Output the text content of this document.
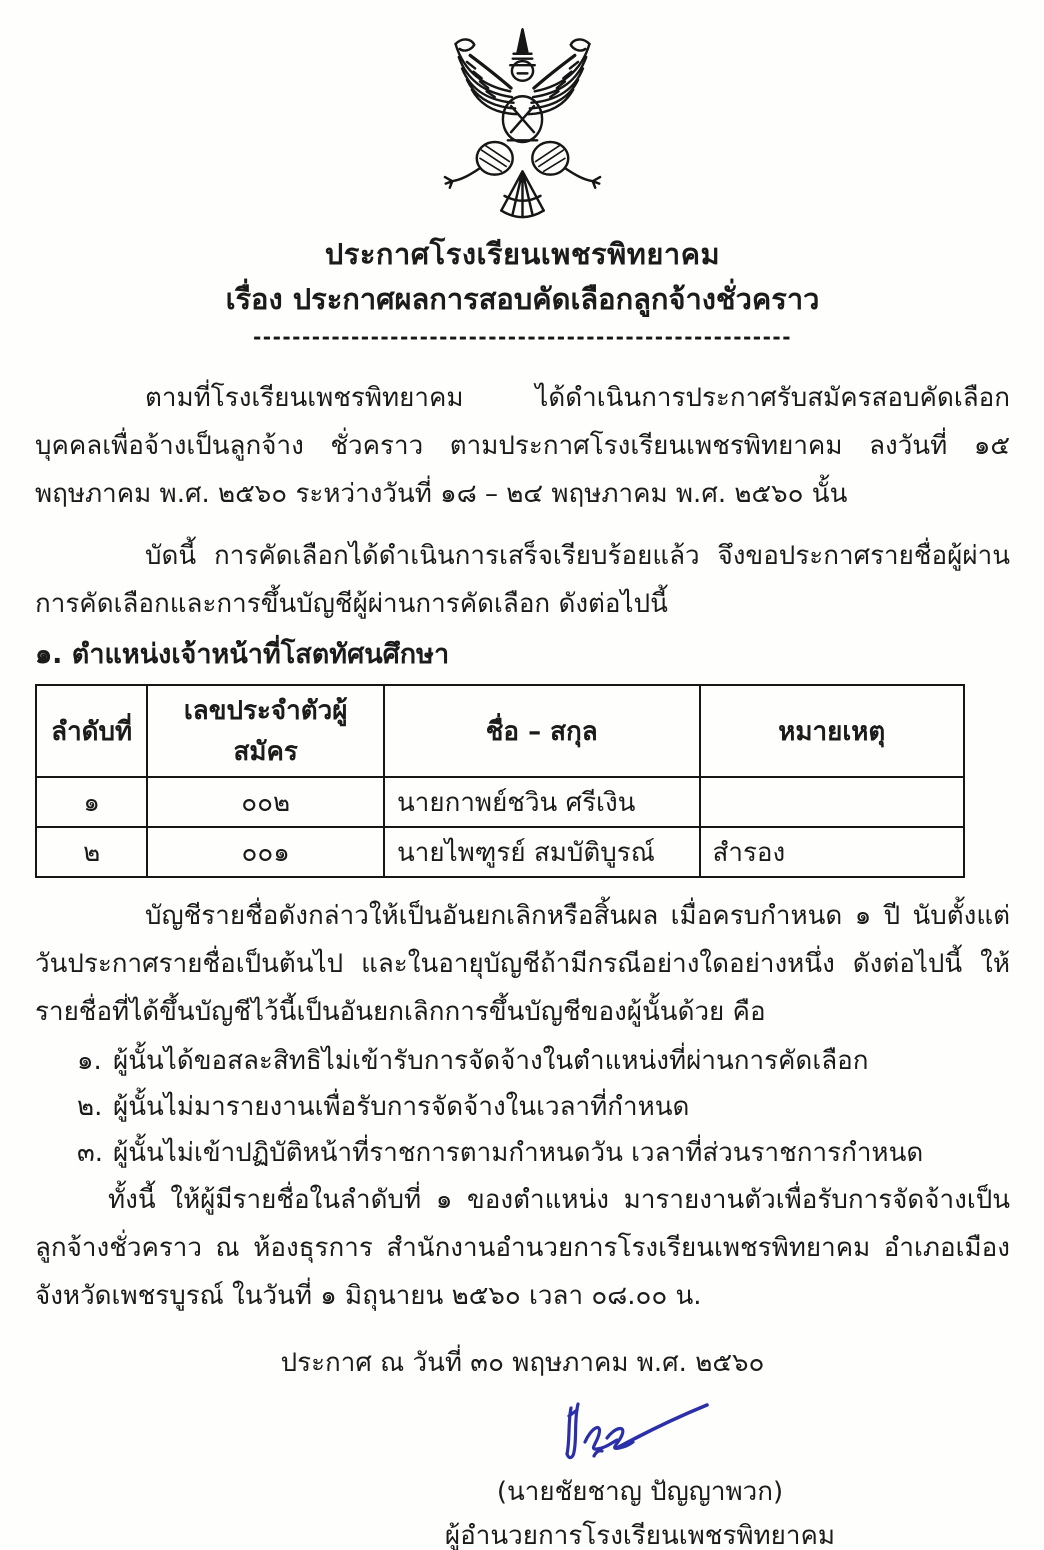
ประกาศโรงเรียนเพชรพิทยาคม
เรื่อง ประกาศผลการสอบคัดเลือกลูกจ้างชั่วคราว
-------------------------------------------------------

ตามที่โรงเรียนเพชรพิทยาคม ได้ดำเนินการประกาศรับสมัครสอบคัดเลือกบุคคลเพื่อจ้างเป็นลูกจ้าง ชั่วคราว ตามประกาศโรงเรียนเพชรพิทยาคม ลงวันที่ ๑๕ พฤษภาคม พ.ศ. ๒๕๖๐ ระหว่างวันที่ ๑๘ – ๒๔ พฤษภาคม พ.ศ. ๒๕๖๐ นั้น

บัดนี้ การคัดเลือกได้ดำเนินการเสร็จเรียบร้อยแล้ว จึงขอประกาศรายชื่อผู้ผ่านการคัดเลือกและการขึ้นบัญชีผู้ผ่านการคัดเลือก ดังต่อไปนี้

๑. ตำแหน่งเจ้าหน้าที่โสตทัศนศึกษา
ลำดับที่	เลขประจำตัวผู้สมัคร	ชื่อ – สกุล	หมายเหตุ
๑	๐๐๒	นายกาพย์ชวิน ศรีเงิน	
๒	๐๐๑	นายไพฑูรย์ สมบัติบูรณ์	สำรอง

บัญชีรายชื่อดังกล่าวให้เป็นอันยกเลิกหรือสิ้นผล เมื่อครบกำหนด ๑ ปี นับตั้งแต่วันประกาศรายชื่อเป็นต้นไป และในอายุบัญชีถ้ามีกรณีอย่างใดอย่างหนึ่ง ดังต่อไปนี้ ให้รายชื่อที่ได้ขึ้นบัญชีไว้นี้เป็นอันยกเลิกการขึ้นบัญชีของผู้นั้นด้วย คือ

๑. ผู้นั้นได้ขอสละสิทธิไม่เข้ารับการจัดจ้างในตำแหน่งที่ผ่านการคัดเลือก
๒. ผู้นั้นไม่มารายงานเพื่อรับการจัดจ้างในเวลาที่กำหนด
๓. ผู้นั้นไม่เข้าปฏิบัติหน้าที่ราชการตามกำหนดวัน เวลาที่ส่วนราชการกำหนด

ทั้งนี้ ให้ผู้มีรายชื่อในลำดับที่ ๑ ของตำแหน่ง มารายงานตัวเพื่อรับการจัดจ้างเป็นลูกจ้างชั่วคราว ณ ห้องธุรการ สำนักงานอำนวยการโรงเรียนเพชรพิทยาคม อำเภอเมือง จังหวัดเพชรบูรณ์ ในวันที่ ๑ มิถุนายน ๒๕๖๐ เวลา ๐๘.๐๐ น.

ประกาศ ณ วันที่ ๓๐ พฤษภาคม พ.ศ. ๒๕๖๐

(นายชัยชาญ ปัญญาพวก)
ผู้อำนวยการโรงเรียนเพชรพิทยาคม
